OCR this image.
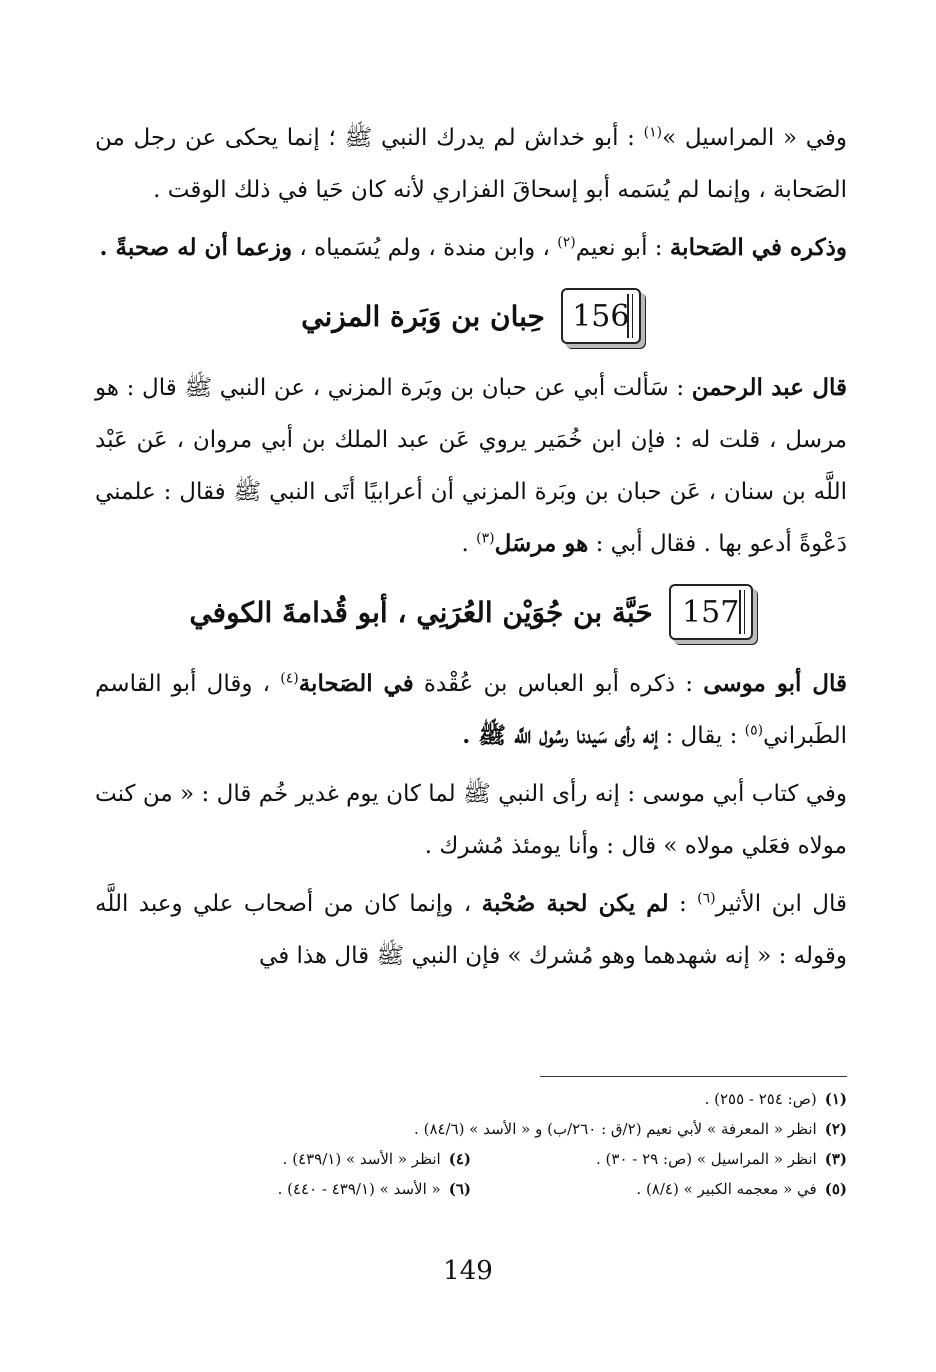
وفي « المراسيل »$^{(١)}$ : أبو خداش لم يدرك النبي ﷺ ؛ إنما يحكى عن رجل من الصَحابة ، وإنما لم يُسَمه أبو إسحاقَ الفزاري لأنه كان حَيا في ذلك الوقت .

وذكره في الصَحابة : أبو نعيم$^{(٢)}$ ، وابن مندة ، ولم يُسَمياه ، وزعما أن له صحبةً .

156
حِبان بن وَبَرة المزني

قال عبد الرحمن : سَألت أبي عن حبان بن وبَرة المزني ، عن النبي ﷺ قال : هو مرسل ، قلت له : فإن ابن خُمَير يروي عَن عبد الملك بن أبي مروان ، عَن عَبْد اللَّه بن سنان ، عَن حبان بن وبَرة المزني أن أعرابيًا أتَى النبي ﷺ فقال : علمني دَعْوةً أدعو بها . فقال أبي : هو مرسَل$^{(٣)}$ .

157
حَبَّة بن جُوَيْن العُرَنِي ، أبو قُدامةَ الكوفي

قال أبو موسى : ذكره أبو العباس بن عُقْدة في الصَحابة$^{(٤)}$ ، وقال أبو القاسم الطَبراني$^{(٥)}$ : يقال : إنه رأى سَيدنا رسُول اللَّه ﷺ .

وفي كتاب أبي موسى : إنه رأى النبي ﷺ لما كان يوم غدير خُم قال : « من كنت مولاه فعَلي مولاه » قال : وأنا يومئذ مُشرك .

قال ابن الأثير$^{(٦)}$ : لم يكن لحبة صُحْبة ، وإنما كان من أصحاب علي وعبد اللَّه وقوله : « إنه شهدهما وهو مُشرك » فإن النبي ﷺ قال هذا في

(١)(ص: ٢٥٤ - ٢٥٥) .
(٢)انظر « المعرفة » لأبي نعيم (٢/ق : ٢٦٠/ب) و « الأسد » (٨٤/٦) .
(٣)انظر « المراسيل » (ص: ٢٩ - ٣٠) .
(٤)انظر « الأسد » (٤٣٩/١) .
(٥)في « معجمه الكبير » (٨/٤) .
(٦)« الأسد » (٤٣٩/١ - ٤٤٠) .
149
